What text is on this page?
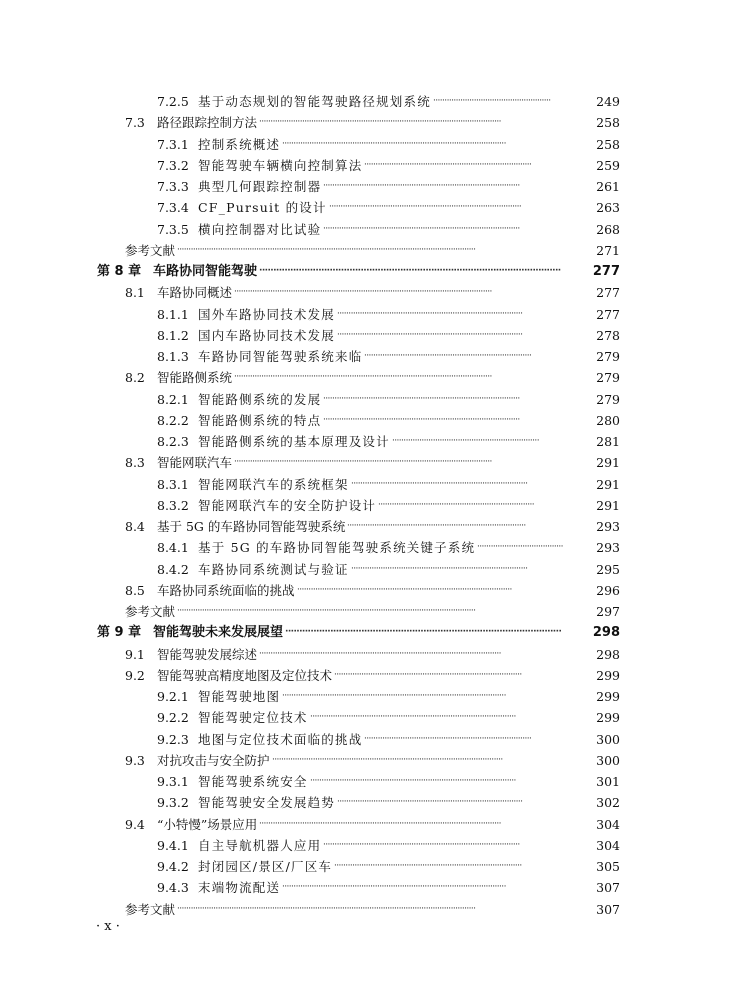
7.2.5 基于动态规划的智能驾驶路径规划系统 ····················································	249
7.3 路径跟踪控制方法 ···········································································································	258
7.3.1 控制系统概述 ···································································································	258
7.3.2 智能驾驶车辆横向控制算法 ··········································································	259
7.3.3 典型几何跟踪控制器 ·······················································································	261
7.3.4 CF_Pursuit 的设计 ·····················································································	263
7.3.5 横向控制器对比试验 ·······················································································	268
参考文献 ····································································································································	271
第 8 章 车路协同智能驾驶 ···········································································································	277
8.1 车路协同概述 ··················································································································	277
8.1.1 国外车路协同技术发展 ··················································································	277
8.1.2 国内车路协同技术发展 ··················································································	278
8.1.3 车路协同智能驾驶系统来临 ··········································································	279
8.2 智能路侧系统 ··················································································································	279
8.2.1 智能路侧系统的发展 ·······················································································	279
8.2.2 智能路侧系统的特点 ·······················································································	280
8.2.3 智能路侧系统的基本原理及设计 ·································································	281
8.3 智能网联汽车 ··················································································································	291
8.3.1 智能网联汽车的系统框架 ··············································································	291
8.3.2 智能网联汽车的安全防护设计 ·····································································	291
8.4 基于 5G 的车路协同智能驾驶系统 ···············································································	293
8.4.1 基于 5G 的车路协同智能驾驶系统关键子系统 ······································	293
8.4.2 车路协同系统测试与验证 ··············································································	295
8.5 车路协同系统面临的挑战 ·······························································································	296
参考文献 ····································································································································	297
第 9 章 智能驾驶未来发展展望 ··································································································	298
9.1 智能驾驶发展综述 ···········································································································	298
9.2 智能驾驶高精度地图及定位技术 ···················································································	299
9.2.1 智能驾驶地图 ···································································································	299
9.2.2 智能驾驶定位技术 ···························································································	299
9.2.3 地图与定位技术面临的挑战 ··········································································	300
9.3 对抗攻击与安全防护 ······································································································	300
9.3.1 智能驾驶系统安全 ···························································································	301
9.3.2 智能驾驶安全发展趋势 ··················································································	302
9.4 “小特慢”场景应用 ···········································································································	304
9.4.1 自主导航机器人应用 ·······················································································	304
9.4.2 封闭园区/景区/厂区车 ···················································································	305
9.4.3 末端物流配送 ···································································································	307
参考文献 ····································································································································	307
· x ·
